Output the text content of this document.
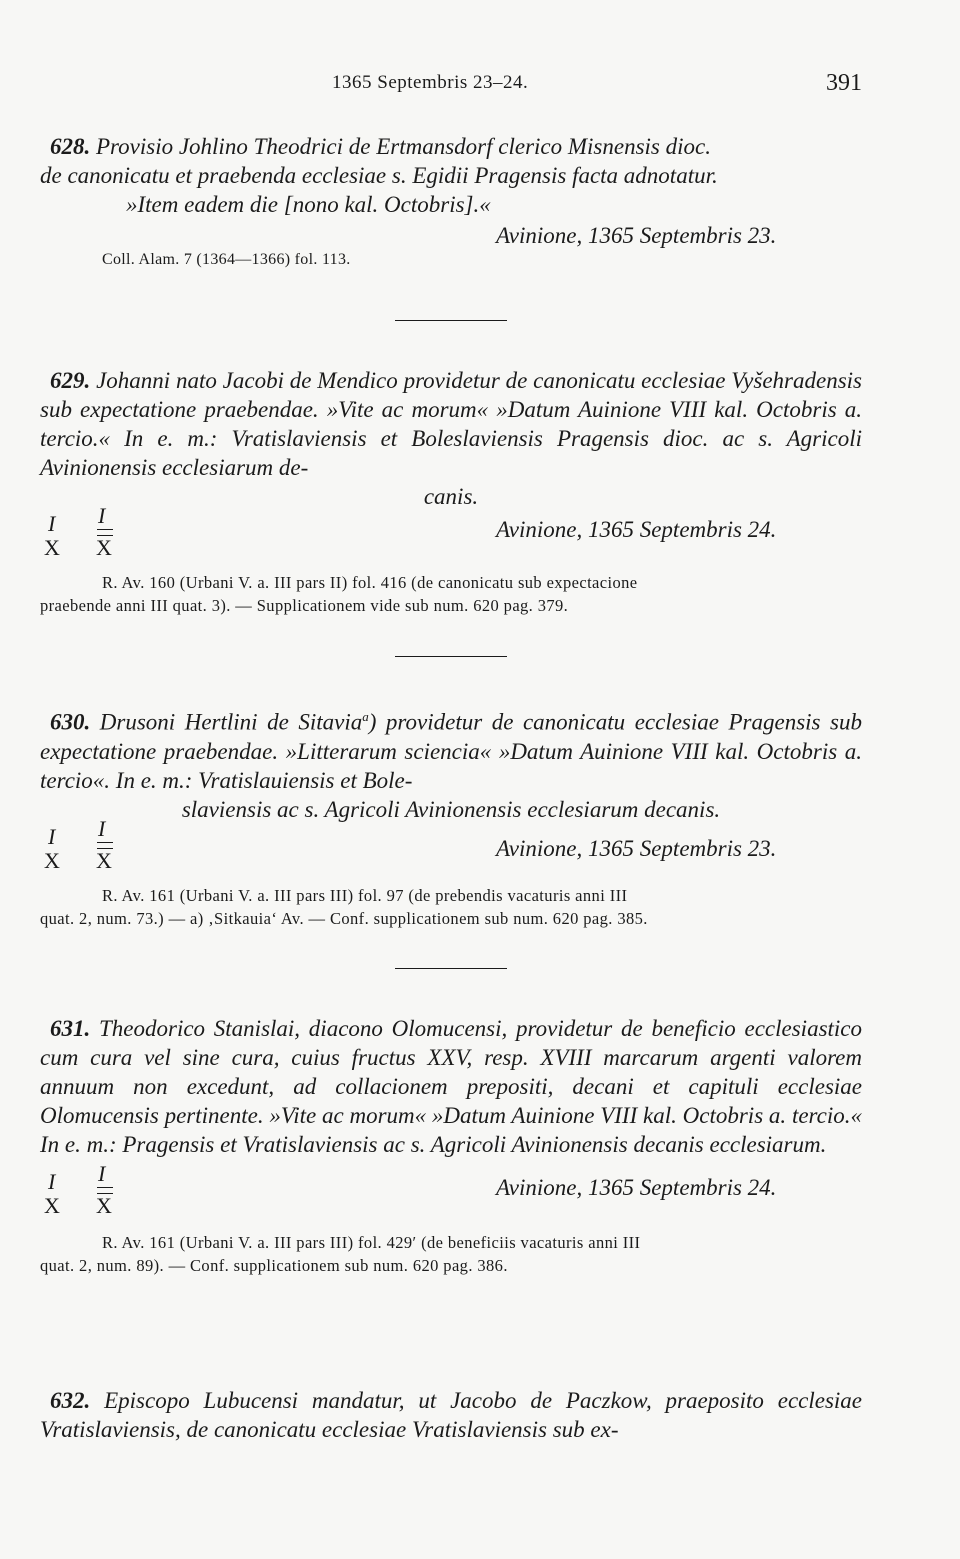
1365 Septembris 23–24.	391

628. Provisio Johlino Theodrici de Ertmansdorf clerico Misnensis dioc.
de canonicatu et praebenda ecclesiae s. Egidii Pragensis facta adnotatur.
»Item eadem die [nono kal. Octobris].«

Avinione, 1365 Septembris 23.
Coll. Alam. 7 (1364—1366) fol. 113.

629. Johanni nato Jacobi de Mendico providetur de canonicatu ecclesiae Vyšehradensis sub expectatione praebendae. »Vite ac morum« »Datum Auinione VIII kal. Octobris a. tercio.« In e. m.: Vratislaviensis et Boleslaviensis Pragensis dioc. ac s. Agricoli Avinionensis ecclesiarum de-
canis.

I
X
I
X
Avinione, 1365 Septembris 24.

R. Av. 160 (Urbani V. a. III pars II) fol. 416 (de canonicatu sub expectacione
praebende anni III quat. 3). — Supplicationem vide sub num. 620 pag. 379.

630. Drusoni Hertlini de Sitavia$^a$) providetur de canonicatu ecclesiae Pragensis sub expectatione praebendae. »Litterarum sciencia« »Datum Auinione VIII kal. Octobris a. tercio«. In e. m.: Vratislauiensis et Bole-
slaviensis ac s. Agricoli Avinionensis ecclesiarum decanis.

I
X
I
X	Avinione, 1365 Septembris 23.

R. Av. 161 (Urbani V. a. III pars III) fol. 97 (de prebendis vacaturis anni III
quat. 2, num. 73.) — a) ‚Sitkauia‘ Av. — Conf. supplicationem sub num. 620 pag. 385.

631. Theodorico Stanislai, diacono Olomucensi, providetur de beneficio ecclesiastico cum cura vel sine cura, cuius fructus XXV, resp. XVIII marcarum argenti valorem annuum non excedunt, ad collacionem prepositi, decani et capituli ecclesiae Olomucensis pertinente. »Vite ac morum« »Datum Auinione VIII kal. Octobris a. tercio.« In e. m.: Pragensis et Vratislaviensis ac s. Agricoli Avinionensis decanis ecclesiarum.

I
X
I
X
Avinione, 1365 Septembris 24.

R. Av. 161 (Urbani V. a. III pars III) fol. 429′ (de beneficiis vacaturis anni III
quat. 2, num. 89). — Conf. supplicationem sub num. 620 pag. 386.

632. Episcopo Lubucensi mandatur, ut Jacobo de Paczkow, praeposito ecclesiae Vratislaviensis, de canonicatu ecclesiae Vratislaviensis sub ex-
